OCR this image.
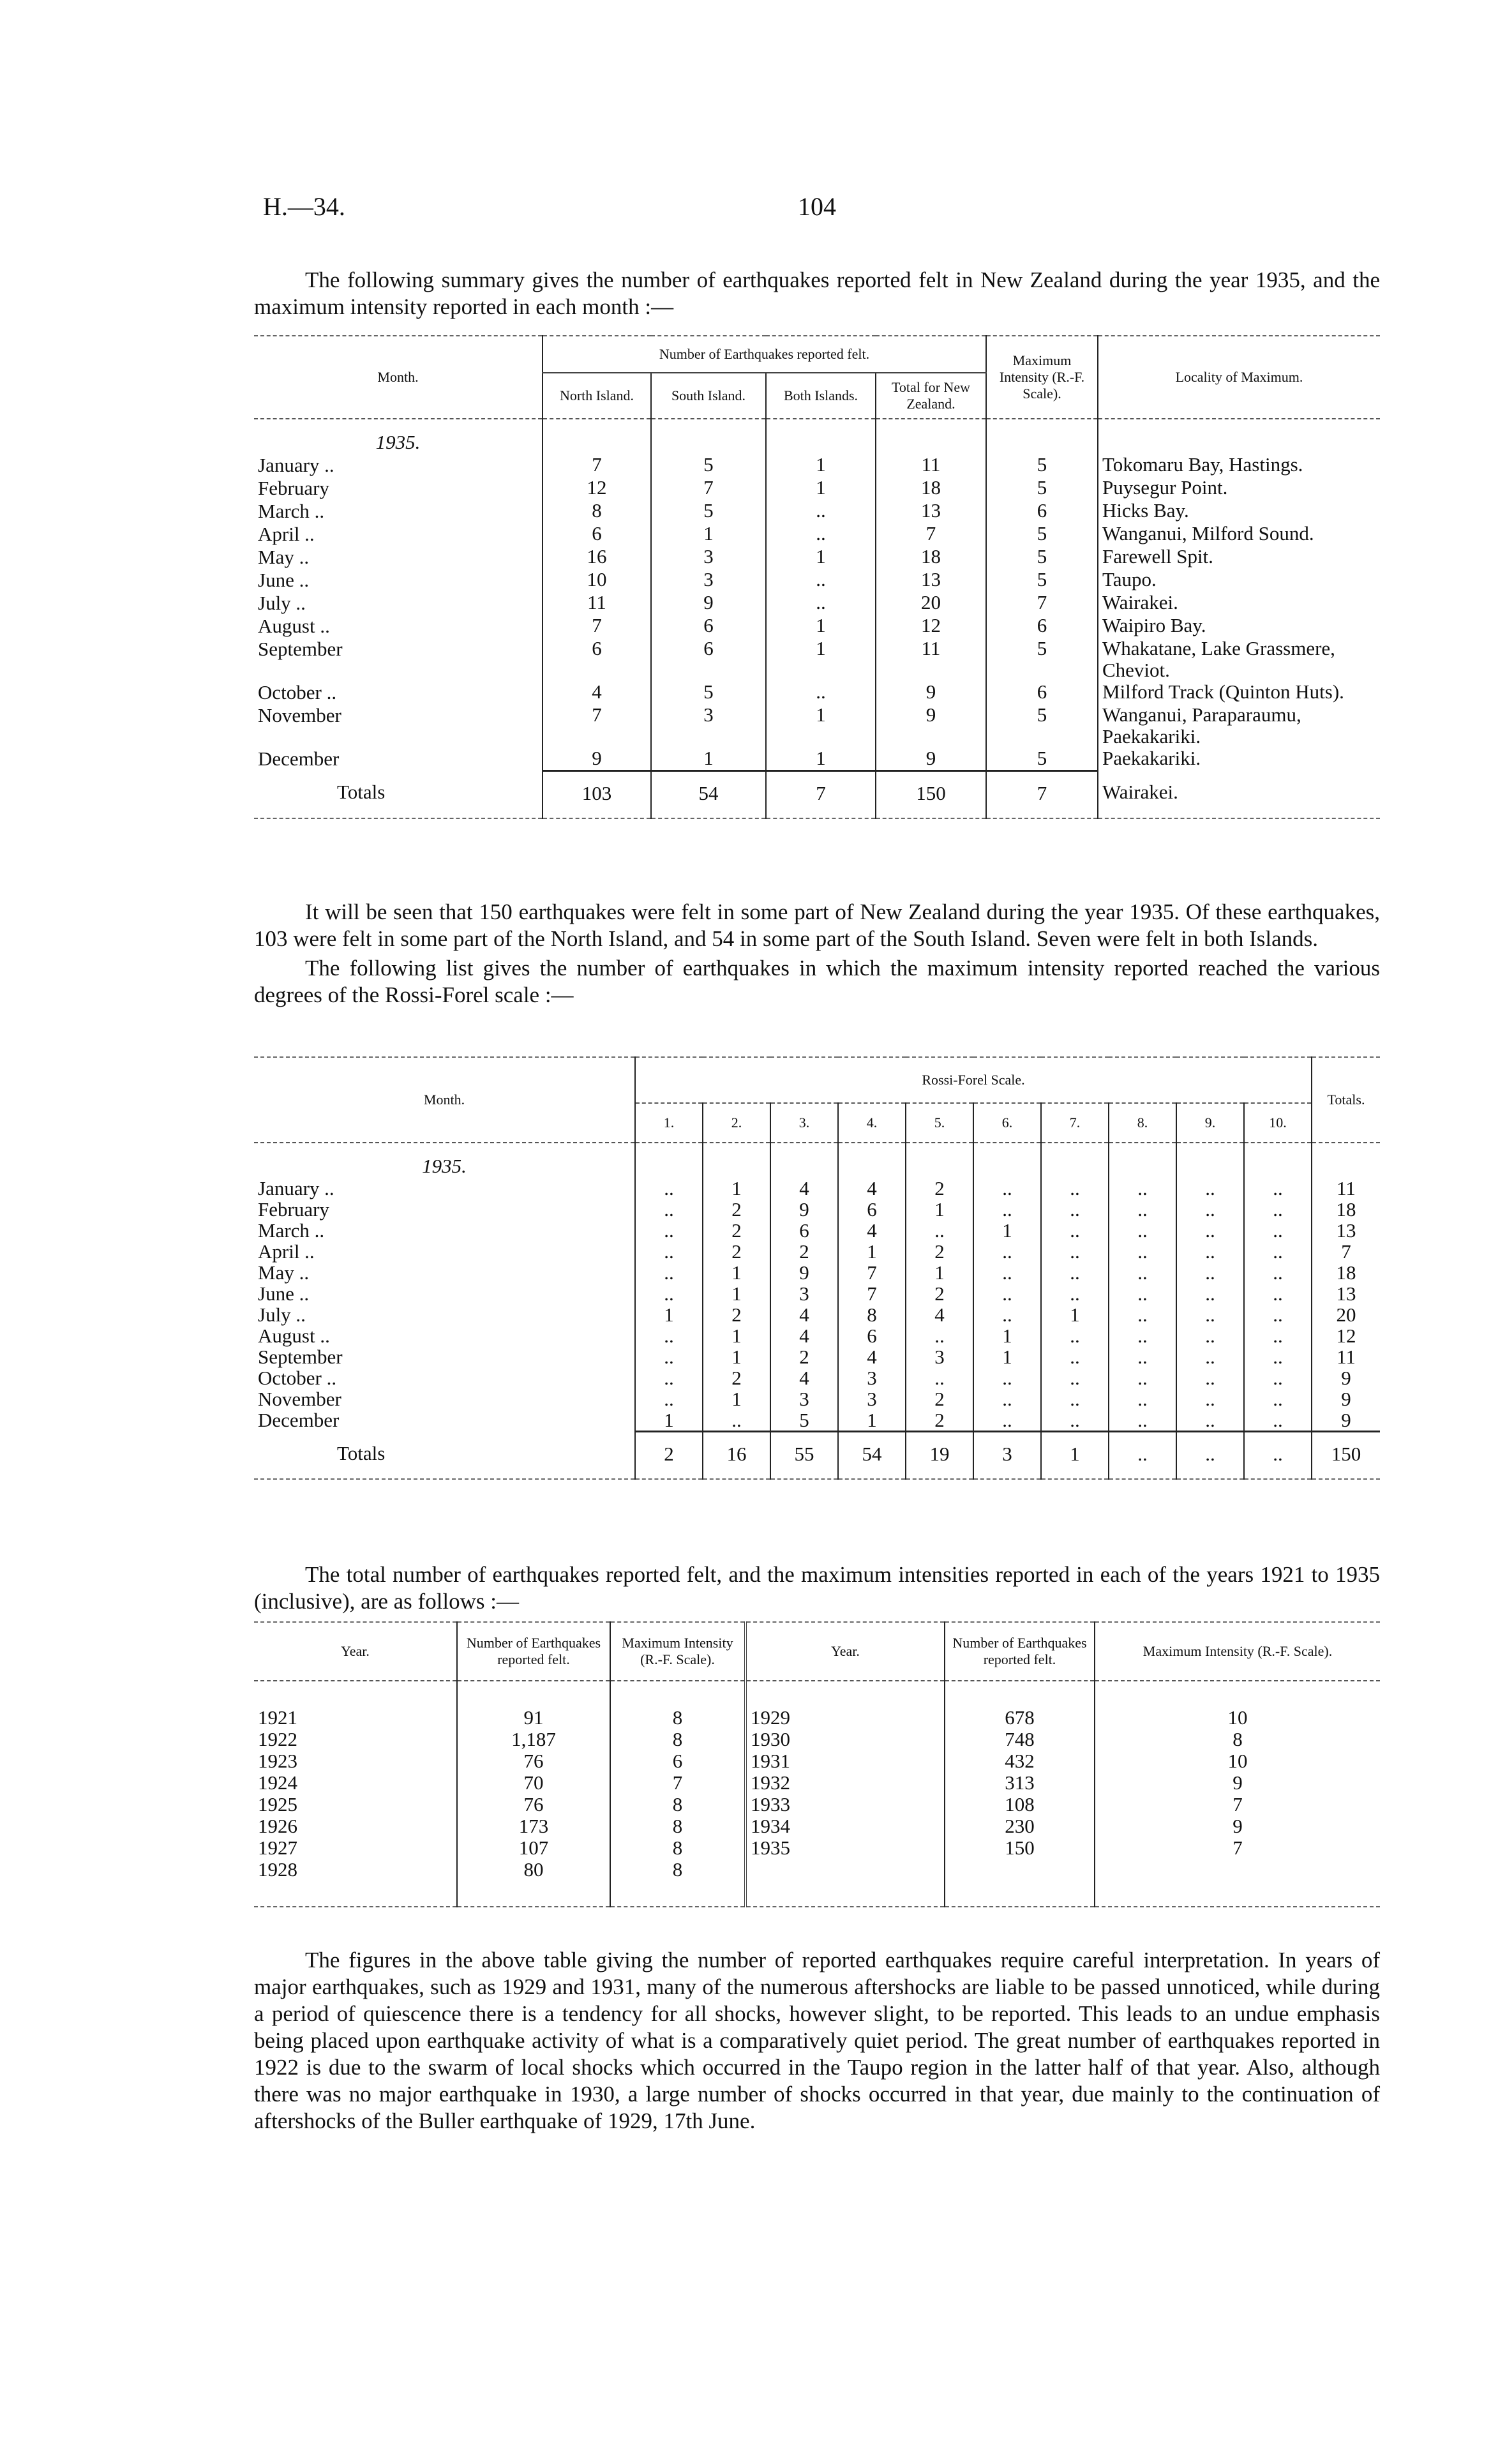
H.—34.	104

The following summary gives the number of earthquakes reported felt in New Zealand during the year 1935, and the maximum intensity reported in each month :—

Month.	Number of Earthquakes reported felt.				Maximum Intensity (R.-F. Scale).	Locality of Maximum.
	North Island.	South Island.	Both Islands.	Total for New Zealand.		
1935.						
January ..	7	5	1	11	5	Tokomaru Bay, Hastings.
February	12	7	1	18	5	Puysegur Point.
March ..	8	5	..	13	6	Hicks Bay.
April ..	6	1	..	7	5	Wanganui, Milford Sound.
May ..	16	3	1	18	5	Farewell Spit.
June ..	10	3	..	13	5	Taupo.
July ..	11	9	..	20	7	Wairakei.
August ..	7	6	1	12	6	Waipiro Bay.
September	6	6	1	11	5	Whakatane, Lake Grassmere, Cheviot.
October ..	4	5	..	9	6	Milford Track (Quinton Huts).
November	7	3	1	9	5	Wanganui, Paraparaumu, Paekakariki.
December	9	1	1	9	5	Paekakariki.
Totals	103	54	7	150	7	Wairakei.

It will be seen that 150 earthquakes were felt in some part of New Zealand during the year 1935. Of these earthquakes, 103 were felt in some part of the North Island, and 54 in some part of the South Island. Seven were felt in both Islands.

The following list gives the number of earthquakes in which the maximum intensity reported reached the various degrees of the Rossi-Forel scale :—

Month.	Rossi-Forel Scale.										Totals.
	1.	2.	3.	4.	5.	6.	7.	8.	9.	10.	
1935.											
January ..	..	1	4	4	2	..	..	..	..	..	11
February	..	2	9	6	1	..	..	..	..	..	18
March ..	..	2	6	4	..	1	..	..	..	..	13
April ..	..	2	2	1	2	..	..	..	..	..	7
May ..	..	1	9	7	1	..	..	..	..	..	18
June ..	..	1	3	7	2	..	..	..	..	..	13
July ..	1	2	4	8	4	..	1	..	..	..	20
August ..	..	1	4	6	..	1	..	..	..	..	12
September	..	1	2	4	3	1	..	..	..	..	11
October ..	..	2	4	3	..	..	..	..	..	..	9
November	..	1	3	3	2	..	..	..	..	..	9
December	1	..	5	1	2	..	..	..	..	..	9
Totals	2	16	55	54	19	3	1	..	..	..	150

The total number of earthquakes reported felt, and the maximum intensities reported in each of the years 1921 to 1935 (inclusive), are as follows :—

Year.	Number of Earthquakes reported felt.	Maximum Intensity (R.-F. Scale).	Year.	Number of Earthquakes reported felt.	Maximum Intensity (R.-F. Scale).

1921	91	8	1929	678	10
1922	1,187	8	1930	748	8
1923	76	6	1931	432	10
1924	70	7	1932	313	9
1925	76	8	1933	108	7
1926	173	8	1934	230	9
1927	107	8	1935	150	7
1928	80	8			

The figures in the above table giving the number of reported earthquakes require careful interpretation. In years of major earthquakes, such as 1929 and 1931, many of the numerous aftershocks are liable to be passed unnoticed, while during a period of quiescence there is a tendency for all shocks, however slight, to be reported. This leads to an undue emphasis being placed upon earthquake activity of what is a comparatively quiet period. The great number of earthquakes reported in 1922 is due to the swarm of local shocks which occurred in the Taupo region in the latter half of that year. Also, although there was no major earthquake in 1930, a large number of shocks occurred in that year, due mainly to the continuation of aftershocks of the Buller earthquake of 1929, 17th June.
